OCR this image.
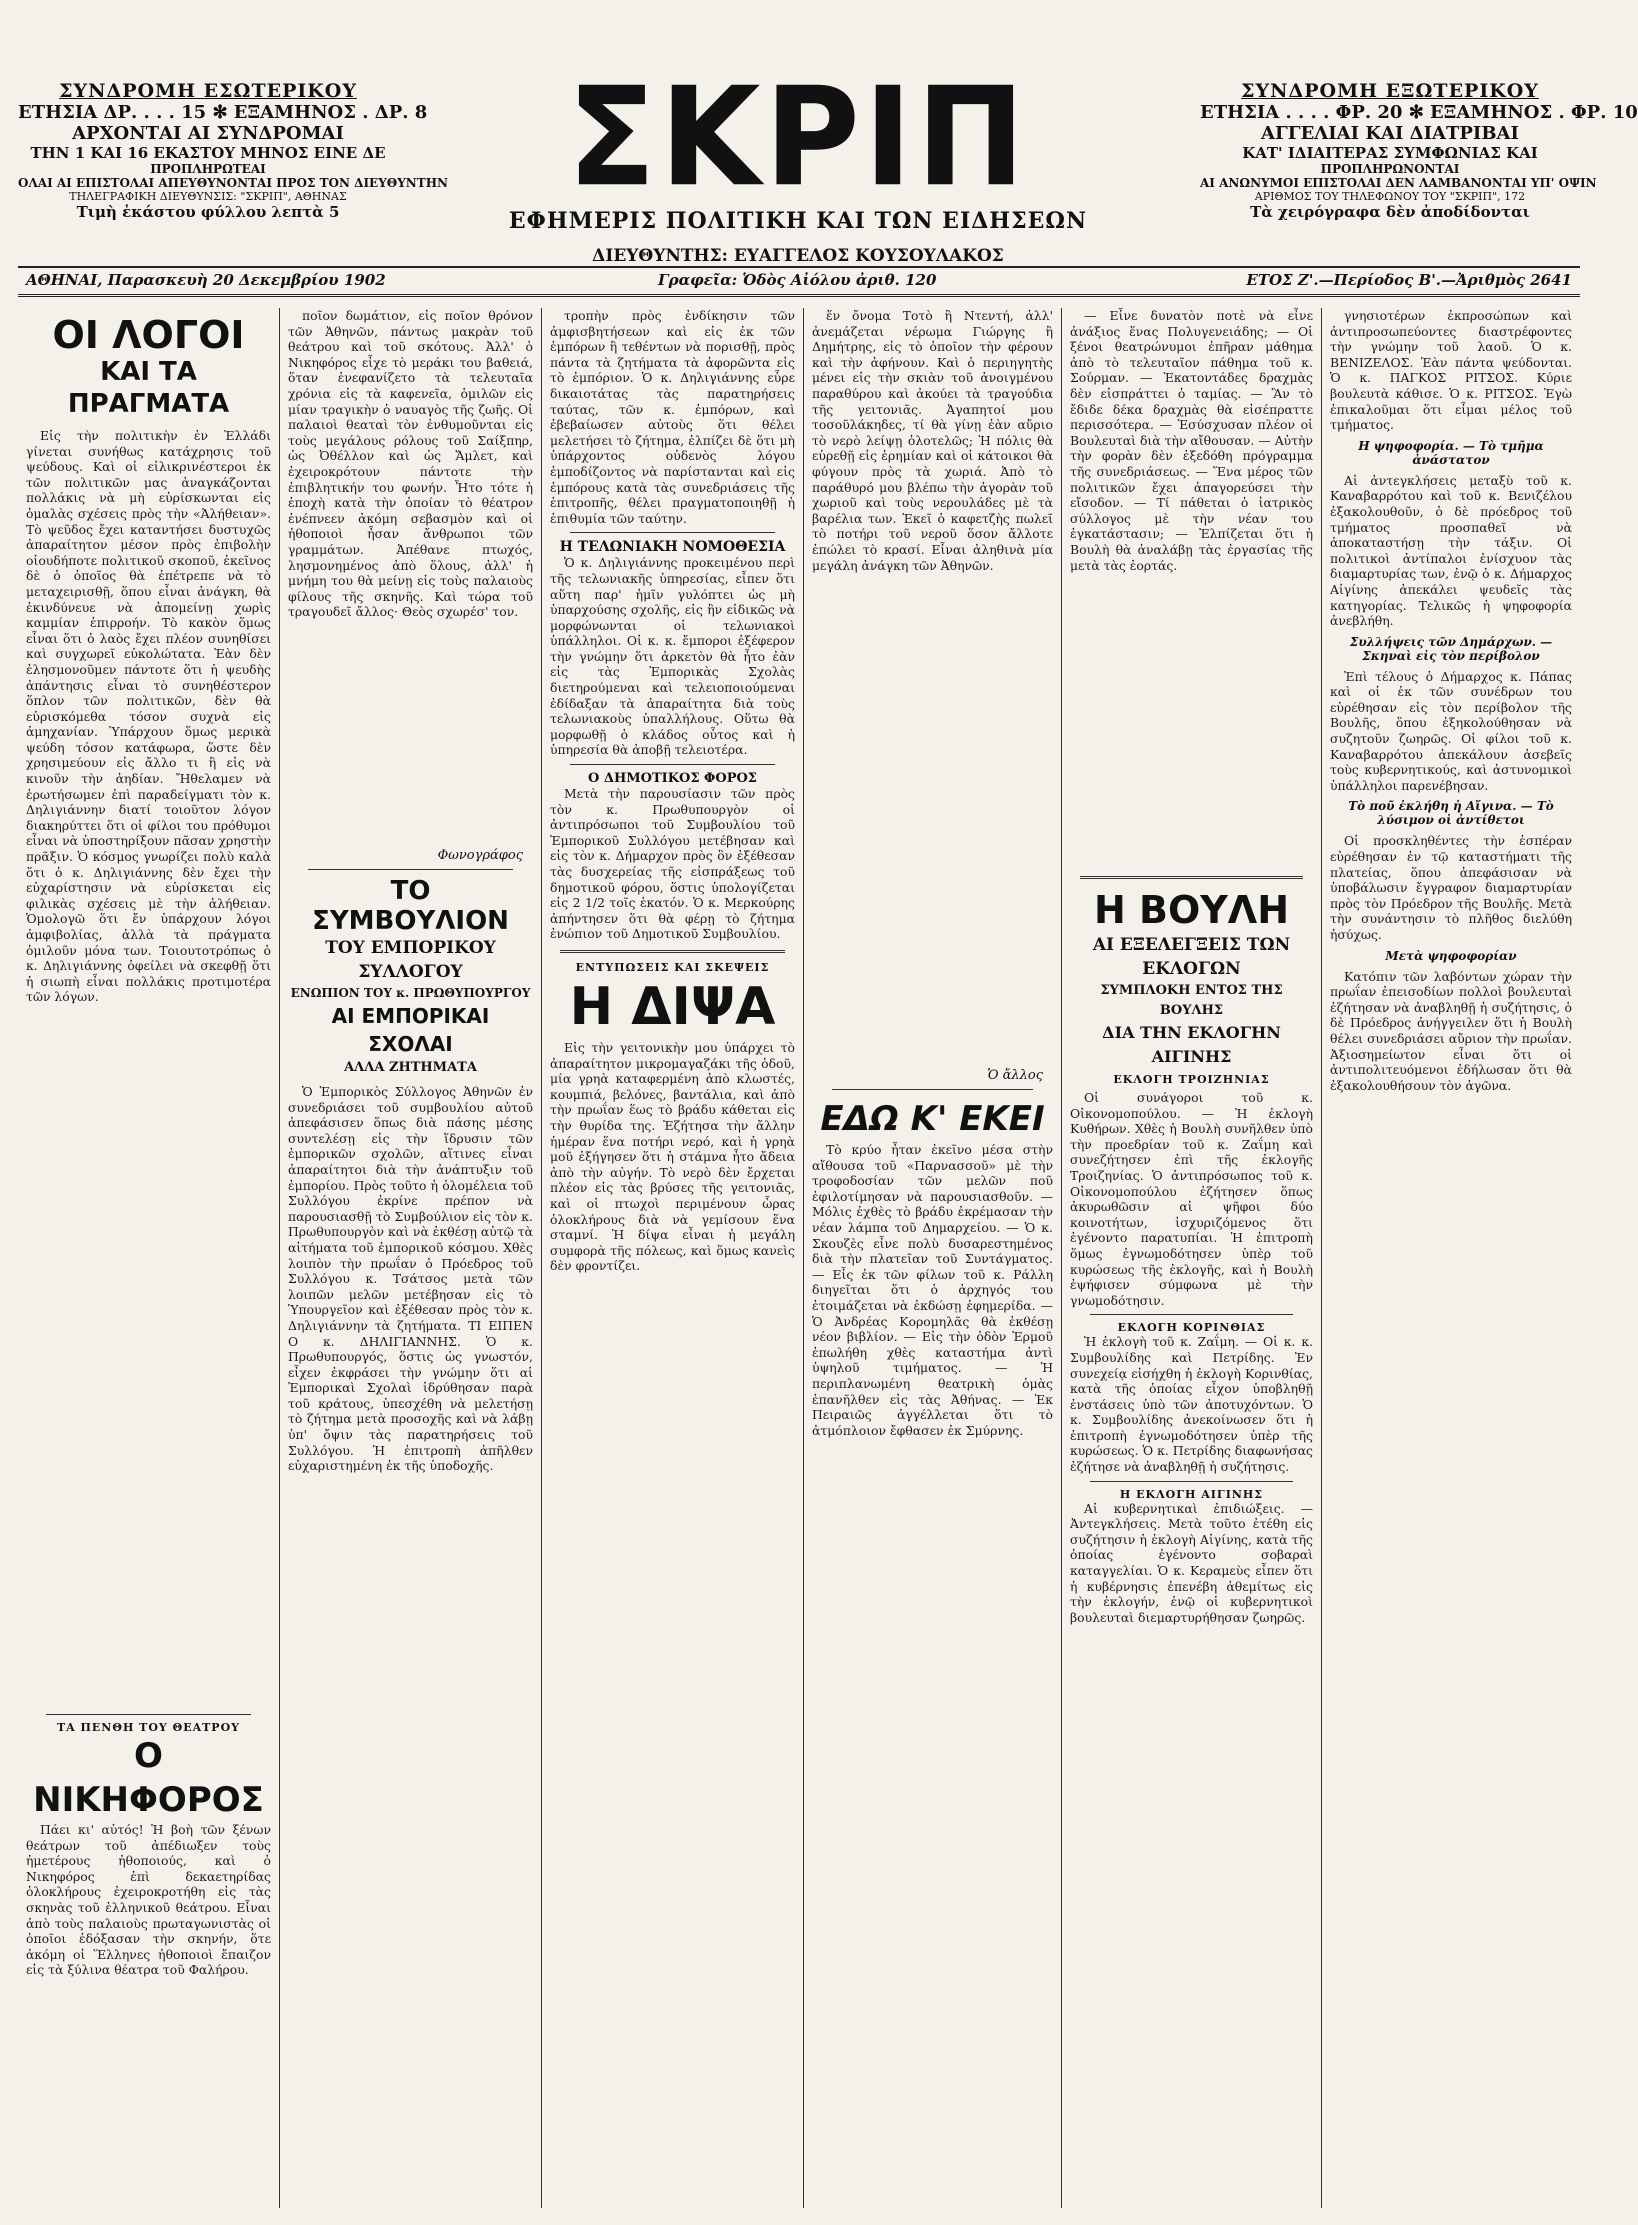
ΣΥΝΔΡΟΜΗ ΕΣΩΤΕΡΙΚΟΥ
ΕΤΗΣΙΑ ΔΡ. . . . 15 ✻ ΕΞΑΜΗΝΟΣ . ΔΡ. 8
ΑΡΧΟΝΤΑΙ ΑΙ ΣΥΝΔΡΟΜΑΙ
ΤΗΝ 1 ΚΑΙ 16 ΕΚΑΣΤΟΥ ΜΗΝΟΣ ΕΙΝΕ ΔΕ
ΠΡΟΠΛΗΡΩΤΕΑΙ
ΟΛΑΙ ΑΙ ΕΠΙΣΤΟΛΑΙ ΑΠΕΥΘΥΝΟΝΤΑΙ ΠΡΟΣ ΤΟΝ ΔΙΕΥΘΥΝΤΗΝ
ΤΗΛΕΓΡΑΦΙΚΗ ΔΙΕΥΘΥΝΣΙΣ: "ΣΚΡΙΠ", ΑΘΗΝΑΣ
Τιμὴ ἑκάστου φύλλου λεπτὰ 5	ΣΚΡΙΠ
ΕΦΗΜΕΡΙΣ ΠΟΛΙΤΙΚΗ ΚΑΙ ΤΩΝ ΕΙΔΗΣΕΩΝ
ΔΙΕΥΘΥΝΤΗΣ: ΕΥΑΓΓΕΛΟΣ ΚΟΥΣΟΥΛΑΚΟΣ
ΣΥΝΔΡΟΜΗ ΕΞΩΤΕΡΙΚΟΥ
ΕΤΗΣΙΑ . . . . ΦΡ. 20 ✻ ΕΞΑΜΗΝΟΣ . ΦΡ. 10
ΑΓΓΕΛΙΑΙ ΚΑΙ ΔΙΑΤΡΙΒΑΙ
ΚΑΤ' ΙΔΙΑΙΤΕΡΑΣ ΣΥΜΦΩΝΙΑΣ ΚΑΙ
ΠΡΟΠΛΗΡΩΝΟΝΤΑΙ
ΑΙ ΑΝΩΝΥΜΟΙ ΕΠΙΣΤΟΛΑΙ ΔΕΝ ΛΑΜΒΑΝΟΝΤΑΙ ΥΠ' ΟΨΙΝ
ΑΡΙΘΜΟΣ ΤΟΥ ΤΗΛΕΦΩΝΟΥ ΤΟΥ "ΣΚΡΙΠ", 172
Τὰ χειρόγραφα δὲν ἀποδίδονται
ΑΘΗΝΑΙ, Παρασκευὴ 20 Δεκεμβρίου 1902	Γραφεῖα: Ὁδὸς Αἰόλου ἀριθ. 120	ΕΤΟΣ Ζ'.—Περίοδος Β'.—Ἀριθμὸς 2641
ΟΙ ΛΟΓΟΙ
ΚΑΙ ΤΑ ΠΡΑΓΜΑΤΑ

Εἰς τὴν πολιτικὴν ἐν Ἑλλάδι γίνεται συνήθως κατάχρησις τοῦ ψεύδους. Καὶ οἱ εἰλικρινέστεροι ἐκ τῶν πολιτικῶν μας ἀναγκάζονται πολλάκις νὰ μὴ εὑρίσκωνται εἰς ὁμαλὰς σχέσεις πρὸς τὴν «Ἀλήθειαν». Τὸ ψεῦδος ἔχει καταντήσει δυστυχῶς ἀπαραίτητον μέσον πρὸς ἐπιβολὴν οἰουδήποτε πολιτικοῦ σκοποῦ, ἐκεῖνος δὲ ὁ ὁποῖος θὰ ἐπέτρεπε νὰ τὸ μεταχειρισθῇ, ὅπου εἶναι ἀνάγκη, θὰ ἐκινδύνευε νὰ ἀπομείνῃ χωρὶς καμμίαν ἐπιρροήν. Τὸ κακὸν ὅμως εἶναι ὅτι ὁ λαὸς ἔχει πλέον συνηθίσει καὶ συγχωρεῖ εὐκολώτατα. Ἐὰν δὲν ἐλησμονοῦμεν πάντοτε ὅτι ἡ ψευδὴς ἀπάντησις εἶναι τὸ συνηθέστερον ὅπλον τῶν πολιτικῶν, δὲν θὰ εὑρισκόμεθα τόσον συχνὰ εἰς ἀμηχανίαν. Ὑπάρχουν ὅμως μερικὰ ψεύδη τόσον κατάφωρα, ὥστε δὲν χρησιμεύουν εἰς ἄλλο τι ἢ εἰς νὰ κινοῦν τὴν ἀηδίαν. Ἤθελαμεν νὰ ἐρωτήσωμεν ἐπὶ παραδείγματι τὸν κ. Δηλιγιάννην διατί τοιοῦτον λόγον διακηρύττει ὅτι οἱ φίλοι του πρόθυμοι εἶναι νὰ ὑποστηρίξουν πᾶσαν χρηστὴν πρᾶξιν. Ὁ κόσμος γνωρίζει πολὺ καλὰ ὅτι ὁ κ. Δηλιγιάννης δὲν ἔχει τὴν εὐχαρίστησιν νὰ εὑρίσκεται εἰς φιλικὰς σχέσεις μὲ τὴν ἀλήθειαν. Ὁμολογῶ ὅτι ἔν ὑπάρχουν λόγοι ἀμφιβολίας, ἀλλὰ τὰ πράγματα ὁμιλοῦν μόνα των. Τοιουτοτρόπως ὁ κ. Δηλιγιάννης ὀφείλει νὰ σκεφθῇ ὅτι ἡ σιωπὴ εἶναι πολλάκις προτιμοτέρα τῶν λόγων.

ΤΑ ΠΕΝΘΗ ΤΟΥ ΘΕΑΤΡΟΥ
Ο ΝΙΚΗΦΟΡΟΣ

Πάει κι' αὐτός! Ἡ βοὴ τῶν ξένων θεάτρων τοῦ ἀπέδιωξεν τοὺς ἡμετέρους ἠθοποιούς, καὶ ὁ Νικηφόρος ἐπὶ δεκαετηρίδας ὁλοκλήρους ἐχειροκροτήθη εἰς τὰς σκηνὰς τοῦ ἑλληνικοῦ θεάτρου. Εἶναι ἀπὸ τοὺς παλαιοὺς πρωταγωνιστὰς οἱ ὁποῖοι ἐδόξασαν τὴν σκηνήν, ὅτε ἀκόμη οἱ Ἕλληνες ἠθοποιοὶ ἔπαιζον εἰς τὰ ξύλινα θέατρα τοῦ Φαλήρου.

ποῖον δωμάτιον, εἰς ποῖον θρόνον τῶν Ἀθηνῶν, πάντως μακρὰν τοῦ θεάτρου καὶ τοῦ σκότους. Ἀλλ' ὁ Νικηφόρος εἶχε τὸ μεράκι του βαθειά, ὅταν ἐνεφανίζετο τὰ τελευταῖα χρόνια εἰς τὰ καφενεῖα, ὁμιλῶν εἰς μίαν τραγικὴν ὁ ναυαγὸς τῆς ζωῆς. Οἱ παλαιοὶ θεαταὶ τὸν ἐνθυμοῦνται εἰς τοὺς μεγάλους ρόλους τοῦ Σαίξπηρ, ὡς Ὀθέλλον καὶ ὡς Ἄμλετ, καὶ ἐχειροκρότουν πάντοτε τὴν ἐπιβλητικήν του φωνήν. Ἦτο τότε ἡ ἐποχὴ κατὰ τὴν ὁποίαν τὸ θέατρον ἐνέπνεεν ἀκόμη σεβασμὸν καὶ οἱ ἠθοποιοὶ ἦσαν ἄνθρωποι τῶν γραμμάτων. Ἀπέθανε πτωχός, λησμονημένος ἀπὸ ὅλους, ἀλλ' ἡ μνήμη του θὰ μείνῃ εἰς τοὺς παλαιοὺς φίλους τῆς σκηνῆς. Καὶ τώρα τοῦ τραγουδεῖ ἄλλος· Θεὸς σχωρέσ' τον.

Φωνογράφος
ΤΟ ΣΥΜΒΟΥΛΙΟΝ
ΤΟΥ ΕΜΠΟΡΙΚΟΥ ΣΥΛΛΟΓΟΥ
ΕΝΩΠΙΟΝ ΤΟΥ κ. ΠΡΩΘΥΠΟΥΡΓΟΥ
ΑΙ ΕΜΠΟΡΙΚΑΙ ΣΧΟΛΑΙ
ΑΛΛΑ ΖΗΤΗΜΑΤΑ

Ὁ Ἐμπορικὸς Σύλλογος Ἀθηνῶν ἐν συνεδριάσει τοῦ συμβουλίου αὐτοῦ ἀπεφάσισεν ὅπως διὰ πάσης μέσης συντελέσῃ εἰς τὴν ἵδρυσιν τῶν ἐμπορικῶν σχολῶν, αἵτινες εἶναι ἀπαραίτητοι διὰ τὴν ἀνάπτυξιν τοῦ ἐμπορίου. Πρὸς τοῦτο ἡ ὁλομέλεια τοῦ Συλλόγου ἐκρίνε πρέπον νὰ παρουσιασθῇ τὸ Συμβούλιον εἰς τὸν κ. Πρωθυπουργὸν καὶ νὰ ἐκθέσῃ αὐτῷ τὰ αἰτήματα τοῦ ἐμπορικοῦ κόσμου. Χθὲς λοιπὸν τὴν πρωΐαν ὁ Πρόεδρος τοῦ Συλλόγου κ. Τσάτσος μετὰ τῶν λοιπῶν μελῶν μετέβησαν εἰς τὸ Ὑπουργεῖον καὶ ἐξέθεσαν πρὸς τὸν κ. Δηλιγιάννην τὰ ζητήματα. ΤΙ ΕΙΠΕΝ Ο κ. ΔΗΛΙΓΙΑΝΝΗΣ. Ὁ κ. Πρωθυπουργός, ὅστις ὡς γνωστόν, εἶχεν ἐκφράσει τὴν γνώμην ὅτι αἱ Ἐμπορικαὶ Σχολαὶ ἱδρύθησαν παρὰ τοῦ κράτους, ὑπεσχέθη νὰ μελετήσῃ τὸ ζήτημα μετὰ προσοχῆς καὶ νὰ λάβῃ ὑπ' ὄψιν τὰς παρατηρήσεις τοῦ Συλλόγου. Ἡ ἐπιτροπὴ ἀπῆλθεν εὐχαριστημένη ἐκ τῆς ὑποδοχῆς.

τροπὴν πρὸς ἐνδίκησιν τῶν ἀμφισβητήσεων καὶ εἰς ἐκ τῶν ἐμπόρων ἢ τεθέντων νὰ πορισθῇ, πρὸς πάντα τὰ ζητήματα τὰ ἀφορῶντα εἰς τὸ ἐμπόριον. Ὁ κ. Δηλιγιάννης εὗρε δικαιοτάτας τὰς παρατηρήσεις ταύτας, τῶν κ. ἐμπόρων, καὶ ἐβεβαίωσεν αὐτοὺς ὅτι θέλει μελετήσει τὸ ζήτημα, ἐλπίζει δὲ ὅτι μὴ ὑπάρχοντος οὐδενὸς λόγου ἐμποδίζοντος νὰ παρίστανται καὶ εἰς ἐμπόρους κατὰ τὰς συνεδριάσεις τῆς ἐπιτροπῆς, θέλει πραγματοποιηθῇ ἡ ἐπιθυμία τῶν ταύτην.

Η ΤΕΛΩΝΙΑΚΗ ΝΟΜΟΘΕΣΙΑ

Ὁ κ. Δηλιγιάννης προκειμένου περὶ τῆς τελωνιακῆς ὑπηρεσίας, εἶπεν ὅτι αὕτη παρ' ἡμῖν γυλόπτει ὡς μὴ ὑπαρχούσης σχολῆς, εἰς ἣν εἰδικῶς νὰ μορφώνωνται οἱ τελωνιακοὶ ὑπάλληλοι. Οἱ κ. κ. ἔμποροι ἐξέφερον τὴν γνώμην ὅτι ἀρκετὸν θὰ ἦτο ἐὰν εἰς τὰς Ἐμπορικὰς Σχολὰς διετηρούμεναι καὶ τελειοποιούμεναι ἐδίδαξαν τὰ ἀπαραίτητα διὰ τοὺς τελωνιακοὺς ὑπαλλήλους. Οὕτω θὰ μορφωθῇ ὁ κλάδος οὗτος καὶ ἡ ὑπηρεσία θὰ ἀποβῇ τελειοτέρα.

Ο ΔΗΜΟΤΙΚΟΣ ΦΟΡΟΣ

Μετὰ τὴν παρουσίασιν τῶν πρὸς τὸν κ. Πρωθυπουργὸν οἱ ἀντιπρόσωποι τοῦ Συμβουλίου τοῦ Ἐμπορικοῦ Συλλόγου μετέβησαν καὶ εἰς τὸν κ. Δήμαρχον πρὸς ὃν ἐξέθεσαν τὰς δυσχερείας τῆς εἰσπράξεως τοῦ δημοτικοῦ φόρου, ὅστις ὑπολογίζεται εἰς 2 1/2 τοῖς ἑκατόν. Ὁ κ. Μερκούρης ἀπήντησεν ὅτι θὰ φέρῃ τὸ ζήτημα ἐνώπιον τοῦ Δημοτικοῦ Συμβουλίου.

ΕΝΤΥΠΩΣΕΙΣ ΚΑΙ ΣΚΕΨΕΙΣ
Η ΔΙΨΑ

Εἰς τὴν γειτονικὴν μου ὑπάρχει τὸ ἀπαραίτητον μικρομαγαζάκι τῆς ὁδοῦ, μία γρηὰ καταφερμένη ἀπὸ κλωστές, κουμπιά, βελόνες, βαντάλια, καὶ ἀπὸ τὴν πρωΐαν ἕως τὸ βράδυ κάθεται εἰς τὴν θυρίδα της. Ἐζήτησα τὴν ἄλλην ἡμέραν ἕνα ποτήρι νερό, καὶ ἡ γρηὰ μοῦ ἐξήγησεν ὅτι ἡ στάμνα ἦτο ἄδεια ἀπὸ τὴν αὐγήν. Τὸ νερὸ δὲν ἔρχεται πλέον εἰς τὰς βρύσες τῆς γειτονιᾶς, καὶ οἱ πτωχοὶ περιμένουν ὧρας ὁλοκλήρους διὰ νὰ γεμίσουν ἕνα σταμνί. Ἡ δίψα εἶναι ἡ μεγάλη συμφορὰ τῆς πόλεως, καὶ ὅμως κανεὶς δὲν φροντίζει.

ἕν ὄνομα Τοτὸ ἢ Ντεντή, ἀλλ' ἀνεμάζεται νέρωμα Γιώργης ἢ Δημήτρης, εἰς τὸ ὁποῖον τὴν φέρουν καὶ τὴν ἀφήνουν. Καὶ ὁ περιηγητὴς μένει εἰς τὴν σκιὰν τοῦ ἀνοιγμένου παραθύρου καὶ ἀκούει τὰ τραγούδια τῆς γειτονιᾶς. Ἀγαπητοί μου τοσοῦλάκηδες, τί θὰ γίνῃ ἐὰν αὔριο τὸ νερὸ λείψῃ ὁλοτελῶς; Ἡ πόλις θὰ εὑρεθῇ εἰς ἐρημίαν καὶ οἱ κάτοικοι θὰ φύγουν πρὸς τὰ χωριά. Ἀπὸ τὸ παράθυρό μου βλέπω τὴν ἀγορὰν τοῦ χωριοῦ καὶ τοὺς νερουλάδες μὲ τὰ βαρέλια των. Ἐκεῖ ὁ καφετζὴς πωλεῖ τὸ ποτήρι τοῦ νεροῦ ὅσον ἄλλοτε ἐπώλει τὸ κρασί. Εἶναι ἀληθινὰ μία μεγάλη ἀνάγκη τῶν Ἀθηνῶν.

Ὁ ἄλλος
ΕΔΩ Κ' ΕΚΕΙ

Τὸ κρύο ἦταν ἐκεῖνο μέσα στὴν αἴθουσα τοῦ «Παρνασσοῦ» μὲ τὴν τροφοδοσίαν τῶν μελῶν ποῦ ἐφιλοτίμησαν νὰ παρουσιασθοῦν. — Μόλις ἐχθὲς τὸ βράδυ ἐκρέμασαν τὴν νέαν λάμπα τοῦ Δημαρχείου. — Ὁ κ. Σκουζὲς εἶνε πολὺ δυσαρεστημένος διὰ τὴν πλατεῖαν τοῦ Συντάγματος. — Εἶς ἐκ τῶν φίλων τοῦ κ. Ράλλη διηγεῖται ὅτι ὁ ἀρχηγός του ἐτοιμάζεται νὰ ἐκδώσῃ ἐφημερίδα. — Ὁ Ἀνδρέας Κορομηλᾶς θὰ ἐκθέσῃ νέον βιβλίον. — Εἰς τὴν ὁδὸν Ἑρμοῦ ἐπωλήθη χθὲς καταστήμα ἀντὶ ὑψηλοῦ τιμήματος. — Ἡ περιπλανωμένη θεατρικὴ ὁμὰς ἐπανῆλθεν εἰς τὰς Ἀθήνας. — Ἐκ Πειραιῶς ἀγγέλλεται ὅτι τὸ ἀτμόπλοιον ἔφθασεν ἐκ Σμύρνης.

— Εἶνε δυνατὸν ποτὲ νὰ εἶνε ἀνάξιος ἕνας Πολυγενειάδης; — Οἱ ξένοι θεατρώνυμοι ἐπῆραν μάθημα ἀπὸ τὸ τελευταῖον πάθημα τοῦ κ. Σούρμαν. — Ἑκατοντάδες δραχμὰς δὲν εἰσπράττει ὁ ταμίας. — Ἂν τὸ ἔδιδε δέκα δραχμὰς θὰ εἰσέπραττε περισσότερα. — Ἐσύσχυσαν πλέον οἱ Βουλευταὶ διὰ τὴν αἴθουσαν. — Αὐτὴν τὴν φορὰν δὲν ἐξεδόθη πρόγραμμα τῆς συνεδριάσεως. — Ἕνα μέρος τῶν πολιτικῶν ἔχει ἀπαγορεύσει τὴν εἴσοδον. — Τί πάθεται ὁ ἰατρικὸς σύλλογος μὲ τὴν νέαν του ἐγκατάστασιν; — Ἐλπίζεται ὅτι ἡ Βουλὴ θὰ ἀναλάβῃ τὰς ἐργασίας τῆς μετὰ τὰς ἑορτάς.

Η ΒΟΥΛΗ
ΑΙ ΕΞΕΛΕΓΞΕΙΣ ΤΩΝ ΕΚΛΟΓΩΝ
ΣΥΜΠΛΟΚΗ ΕΝΤΟΣ ΤΗΣ ΒΟΥΛΗΣ
ΔΙΑ ΤΗΝ ΕΚΛΟΓΗΝ ΑΙΓΙΝΗΣ
ΕΚΛΟΓΗ ΤΡΟΙΖΗΝΙΑΣ

Οἱ συνάγοροι τοῦ κ. Οἰκονομοπούλου. — Ἡ ἐκλογὴ Κυθήρων. Χθὲς ἡ Βουλὴ συνῆλθεν ὑπὸ τὴν προεδρίαν τοῦ κ. Ζαΐμη καὶ συνεζήτησεν ἐπὶ τῆς ἐκλογῆς Τροιζηνίας. Ὁ ἀντιπρόσωπος τοῦ κ. Οἰκονομοπούλου ἐζήτησεν ὅπως ἀκυρωθῶσιν αἱ ψῆφοι δύο κοινοτήτων, ἰσχυριζόμενος ὅτι ἐγένοντο παρατυπίαι. Ἡ ἐπιτροπὴ ὅμως ἐγνωμοδότησεν ὑπὲρ τοῦ κυρώσεως τῆς ἐκλογῆς, καὶ ἡ Βουλὴ ἐψήφισεν σύμφωνα μὲ τὴν γνωμοδότησιν.

ΕΚΛΟΓΗ ΚΟΡΙΝΘΙΑΣ

Ἡ ἐκλογὴ τοῦ κ. Ζαΐμη. — Οἱ κ. κ. Συμβουλίδης καὶ Πετρίδης. Ἐν συνεχείᾳ εἰσήχθη ἡ ἐκλογὴ Κορινθίας, κατὰ τῆς ὁποίας εἶχον ὑποβληθῇ ἐνστάσεις ὑπὸ τῶν ἀποτυχόντων. Ὁ κ. Συμβουλίδης ἀνεκοίνωσεν ὅτι ἡ ἐπιτροπὴ ἐγνωμοδότησεν ὑπὲρ τῆς κυρώσεως. Ὁ κ. Πετρίδης διαφωνήσας ἐζήτησε νὰ ἀναβληθῇ ἡ συζήτησις.

Η ΕΚΛΟΓΗ ΑΙΓΙΝΗΣ

Αἱ κυβερνητικαὶ ἐπιδιώξεις. — Ἀντεγκλήσεις. Μετὰ τοῦτο ἐτέθη εἰς συζήτησιν ἡ ἐκλογὴ Αἰγίνης, κατὰ τῆς ὁποίας ἐγένοντο σοβαραὶ καταγγελίαι. Ὁ κ. Κεραμεὺς εἶπεν ὅτι ἡ κυβέρνησις ἐπενέβη ἀθεμίτως εἰς τὴν ἐκλογήν, ἐνῷ οἱ κυβερνητικοὶ βουλευταὶ διεμαρτυρήθησαν ζωηρῶς.

γνησιοτέρων ἐκπροσώπων καὶ ἀντιπροσωπεύοντες διαστρέφοντες τὴν γνώμην τοῦ λαοῦ. Ὁ κ. ΒΕΝΙΖΕΛΟΣ. Ἐὰν πάντα ψεύδονται. Ὁ κ. ΠΑΓΚΟΣ ΡΙΤΣΟΣ. Κύριε βουλευτὰ κάθισε. Ὁ κ. ΡΙΤΣΟΣ. Ἐγὼ ἐπικαλοῦμαι ὅτι εἶμαι μέλος τοῦ τμήματος.

Η ψηφοφορία. — Τὸ τμῆμα ἀνάστατον

Αἱ ἀντεγκλήσεις μεταξὺ τοῦ κ. Καναβαρρότου καὶ τοῦ κ. Βενιζέλου ἐξακολουθοῦν, ὁ δὲ πρόεδρος τοῦ τμήματος προσπαθεῖ νὰ ἀποκαταστήσῃ τὴν τάξιν. Οἱ πολιτικοὶ ἀντίπαλοι ἐνίσχυον τὰς διαμαρτυρίας των, ἐνῷ ὁ κ. Δήμαρχος Αἰγίνης ἀπεκάλει ψευδεῖς τὰς κατηγορίας. Τελικῶς ἡ ψηφοφορία ἀνεβλήθη.

Συλλήψεις τῶν Δημάρχων. — Σκηναὶ εἰς τὸν περίβολον

Ἐπὶ τέλους ὁ Δήμαρχος κ. Πάπας καὶ οἱ ἐκ τῶν συνέδρων του εὑρέθησαν εἰς τὸν περίβολον τῆς Βουλῆς, ὅπου ἐξηκολούθησαν νὰ συζητοῦν ζωηρῶς. Οἱ φίλοι τοῦ κ. Καναβαρρότου ἀπεκάλουν ἀσεβεῖς τοὺς κυβερνητικούς, καὶ ἀστυνομικοὶ ὑπάλληλοι παρενέβησαν.

Τὸ ποῦ ἐκλήθη ἡ Αἴγινα. — Τὸ λύσιμον οἱ ἀντίθετοι

Οἱ προσκληθέντες τὴν ἑσπέραν εὐρέθησαν ἐν τῷ καταστήματι τῆς πλατείας, ὅπου ἀπεφάσισαν νὰ ὑποβάλωσιν ἔγγραφον διαμαρτυρίαν πρὸς τὸν Πρόεδρον τῆς Βουλῆς. Μετὰ τὴν συνάντησιν τὸ πλῆθος διελύθη ἡσύχως.

Μετὰ ψηφοφορίαν

Κατόπιν τῶν λαβόντων χώραν τὴν πρωΐαν ἐπεισοδίων πολλοὶ βουλευταὶ ἐζήτησαν νὰ ἀναβληθῇ ἡ συζήτησις, ὁ δὲ Πρόεδρος ἀνήγγειλεν ὅτι ἡ Βουλὴ θέλει συνεδριάσει αὔριον τὴν πρωΐαν. Ἀξιοσημείωτον εἶναι ὅτι οἱ ἀντιπολιτευόμενοι ἐδήλωσαν ὅτι θὰ ἐξακολουθήσουν τὸν ἀγῶνα.
